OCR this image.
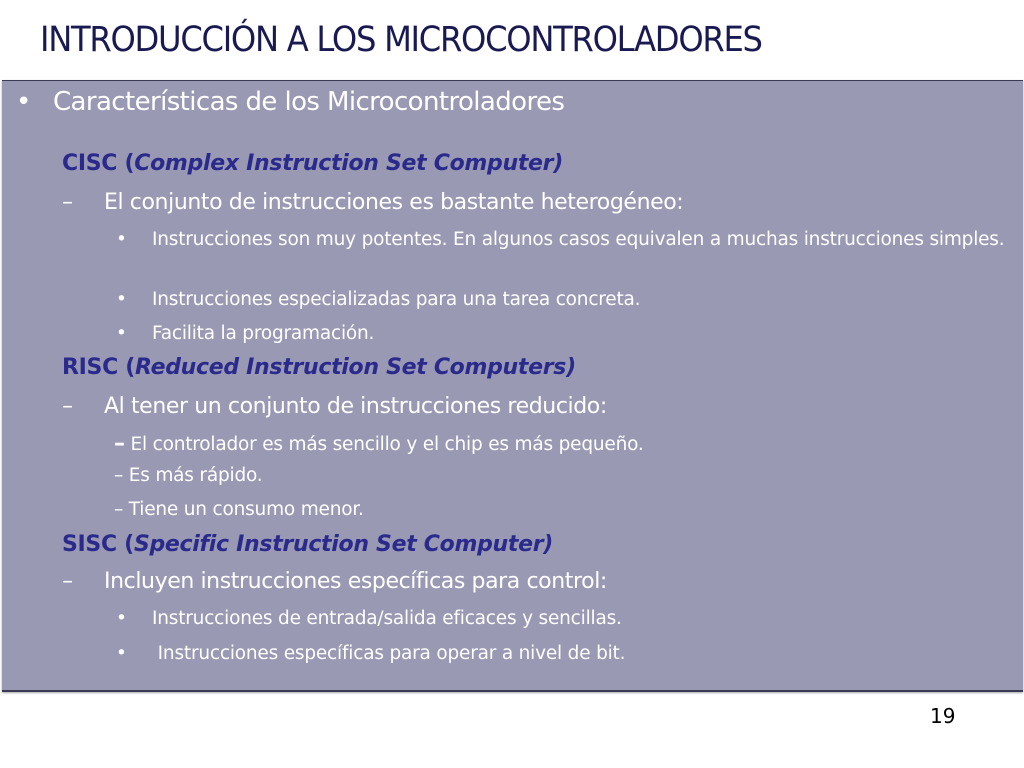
INTRODUCCIÓN A LOS MICROCONTROLADORES
• Características de los Microcontroladores
CISC (Complex Instruction Set Computer)
– El conjunto de instrucciones es bastante heterogéneo:
• Instrucciones son muy potentes. En algunos casos equivalen a muchas instrucciones simples.
• Instrucciones especializadas para una tarea concreta.
• Facilita la programación.
RISC (Reduced Instruction Set Computers)
– Al tener un conjunto de instrucciones reducido:
– El controlador es más sencillo y el chip es más pequeño.
– Es más rápido.
– Tiene un consumo menor.
SISC (Specific Instruction Set Computer)
– Incluyen instrucciones específicas para control:
• Instrucciones de entrada/salida eficaces y sencillas.
• Instrucciones específicas para operar a nivel de bit.
19
